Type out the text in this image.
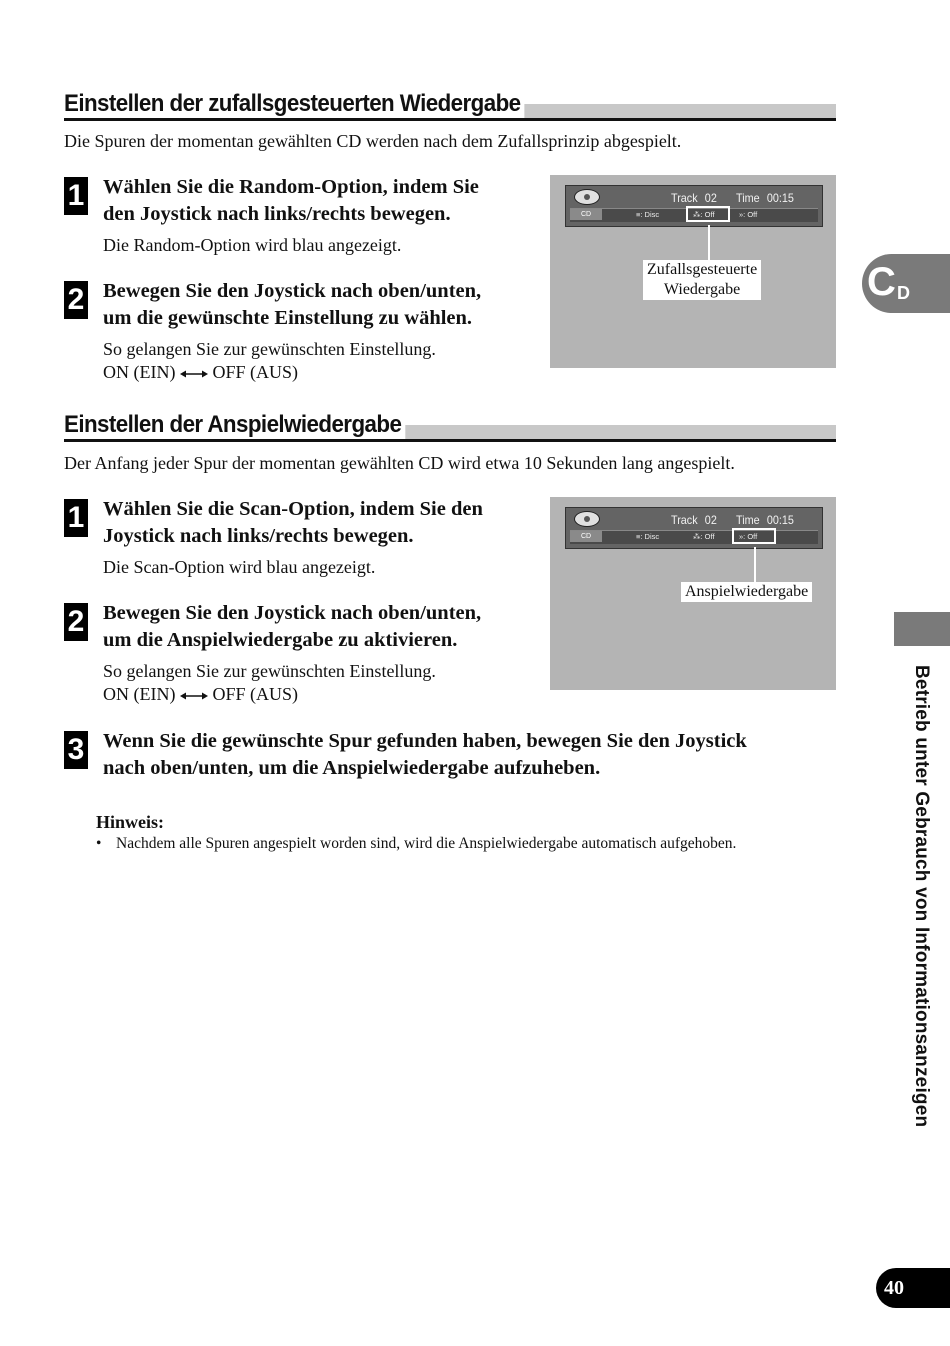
Einstellen der zufallsgesteuerten Wiedergabe
Die Spuren der momentan gewählten CD werden nach dem Zufallsprinzip abgespielt.
1 Wählen Sie die Random-Option, indem Sie
den Joystick nach links/rechts bewegen.
Die Random-Option wird blau angezeigt.
2 Bewegen Sie den Joystick nach oben/unten,
um die gewünschte Einstellung zu wählen.
So gelangen Sie zur gewünschten Einstellung.
ON (EIN) OFF (AUS)
Track 02 Time 00:15
CD	≡: Disc	⁂: Off	»: Off
Zufallsgesteuerte
Wiedergabe
Einstellen der Anspielwiedergabe
Der Anfang jeder Spur der momentan gewählten CD wird etwa 10 Sekunden lang angespielt.
1 Wählen Sie die Scan-Option, indem Sie den
Joystick nach links/rechts bewegen.
Die Scan-Option wird blau angezeigt.
2 Bewegen Sie den Joystick nach oben/unten,
um die Anspielwiedergabe zu aktivieren.
So gelangen Sie zur gewünschten Einstellung.
ON (EIN) OFF (AUS)
Track 02 Time 00:15
CD	≡: Disc	⁂: Off	»: Off
Anspielwiedergabe
3 Wenn Sie die gewünschte Spur gefunden haben, bewegen Sie den Joystick
nach oben/unten, um die Anspielwiedergabe aufzuheben.
Hinweis:
• Nachdem alle Spuren angespielt worden sind, wird die Anspielwiedergabe automatisch aufgehoben.
C D
Betrieb unter Gebrauch von Informationsanzeigen
40
